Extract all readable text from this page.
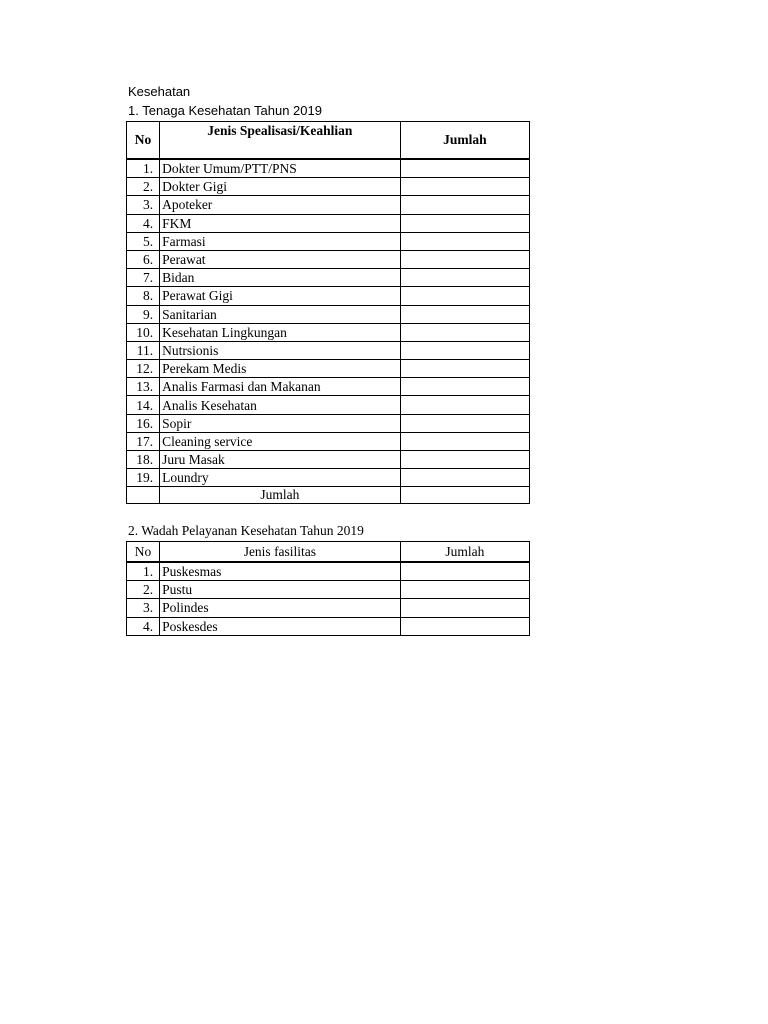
Kesehatan
1. Tenaga Kesehatan Tahun 2019
No	Jenis Spealisasi/Keahlian	Jumlah
1.	Dokter Umum/PTT/PNS	
2.	Dokter Gigi	
3.	Apoteker	
4.	FKM	
5.	Farmasi	
6.	Perawat	
7.	Bidan	
8.	Perawat Gigi	
9.	Sanitarian	
10.	Kesehatan Lingkungan	
11.	Nutrsionis	
12.	Perekam Medis	
13.	Analis Farmasi dan Makanan	
14.	Analis Kesehatan	
16.	Sopir	
17.	Cleaning service	
18.	Juru Masak	
19.	Loundry	
	Jumlah	
2. Wadah Pelayanan Kesehatan Tahun 2019
No	Jenis fasilitas	Jumlah
1.	Puskesmas	
2.	Pustu	
3.	Polindes	
4.	Poskesdes	
